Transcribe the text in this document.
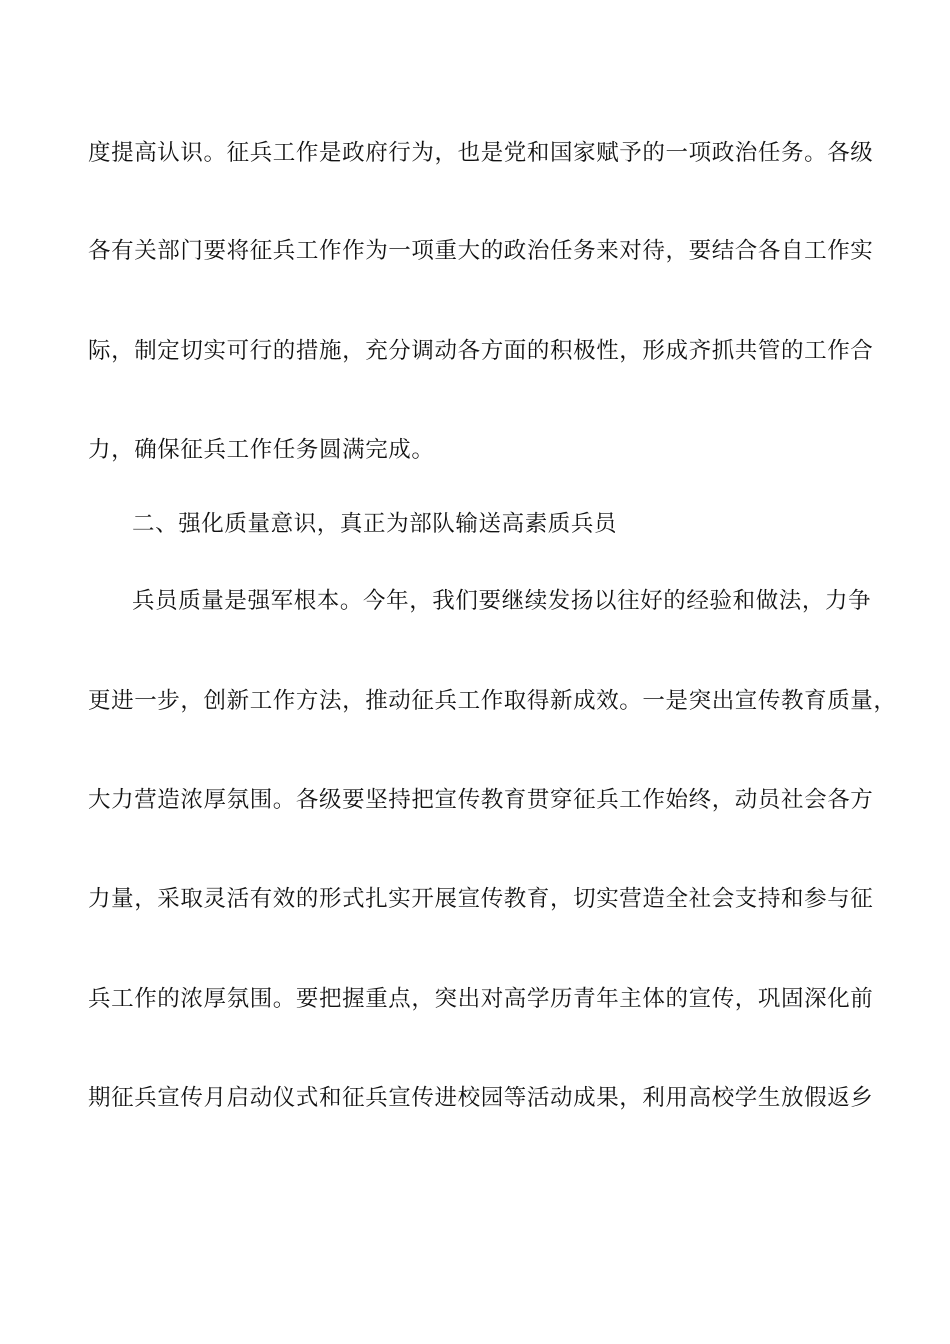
度提高认识。征兵工作是政府行为，也是党和国家赋予的一项政治任务。各级
各有关部门要将征兵工作作为一项重大的政治任务来对待，要结合各自工作实
际，制定切实可行的措施，充分调动各方面的积极性，形成齐抓共管的工作合
力，确保征兵工作任务圆满完成。
二、强化质量意识，真正为部队输送高素质兵员
兵员质量是强军根本。今年，我们要继续发扬以往好的经验和做法，力争
更进一步，创新工作方法，推动征兵工作取得新成效。一是突出宣传教育质量，
大力营造浓厚氛围。各级要坚持把宣传教育贯穿征兵工作始终，动员社会各方
力量，采取灵活有效的形式扎实开展宣传教育，切实营造全社会支持和参与征
兵工作的浓厚氛围。要把握重点，突出对高学历青年主体的宣传，巩固深化前
期征兵宣传月启动仪式和征兵宣传进校园等活动成果，利用高校学生放假返乡
